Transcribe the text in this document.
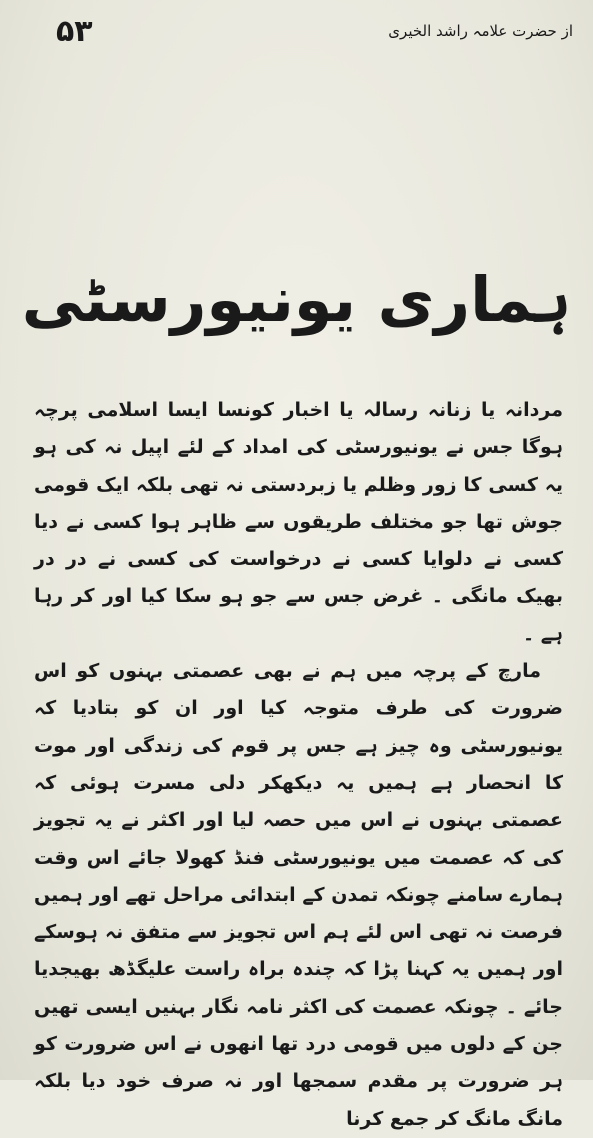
۵۳	از حضرت علامہ راشد الخیری
ہماری یونیورسٹی

مردانہ یا زنانہ رسالہ یا اخبار کونسا ایسا اسلامی پرچہ ہوگا جس نے یونیورسٹی کی امداد کے لئے اپیل نہ کی ہو یہ کسی کا زور وظلم یا زبردستی نہ تھی بلکہ ایک قومی جوش تھا جو مختلف طریقوں سے ظاہر ہوا کسی نے دیا کسی نے دلوایا کسی نے درخواست کی کسی نے در در بھیک مانگی ۔ غرض جس سے جو ہو سکا کیا اور کر رہا ہے ۔

مارچ کے پرچہ میں ہم نے بھی عصمتی بہنوں کو اس ضرورت کی طرف متوجہ کیا اور ان کو بتادیا کہ یونیورسٹی وہ چیز ہے جس پر قوم کی زندگی اور موت کا انحصار ہے ہمیں یہ دیکھکر دلی مسرت ہوئی کہ عصمتی بہنوں نے اس میں حصہ لیا اور اکثر نے یہ تجویز کی کہ عصمت میں یونیورسٹی فنڈ کھولا جائے اس وقت ہمارے سامنے چونکہ تمدن کے ابتدائی مراحل تھے اور ہمیں فرصت نہ تھی اس لئے ہم اس تجویز سے متفق نہ ہوسکے اور ہمیں یہ کہنا پڑا کہ چندہ براہ راست علیگڈھ بھیجدیا جائے ۔ چونکہ عصمت کی اکثر نامہ نگار بہنیں ایسی تھیں جن کے دلوں میں قومی درد تھا انھوں نے اس ضرورت کو ہر ضرورت پر مقدم سمجھا اور نہ صرف خود دیا بلکہ مانگ مانگ کر جمع کرنا
